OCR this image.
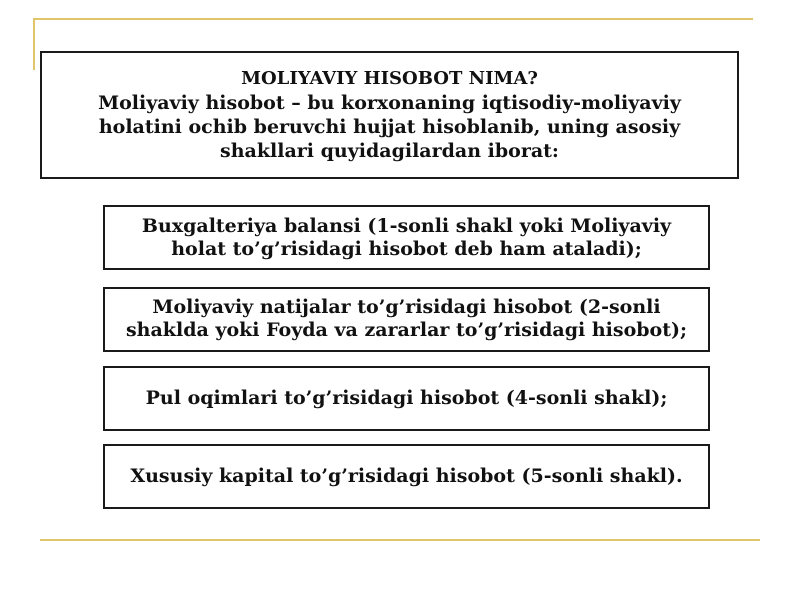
MOLIYAVIY HISOBOT NIMA?
Moliyaviy hisobot – bu korxonaning iqtisodiy-moliyaviy holatini ochib beruvchi hujjat hisoblanib, uning asosiy shakllari quyidagilardan iborat:
Buxgalteriya balansi (1-sonli shakl yoki Moliyaviy holat to’g’risidagi hisobot deb ham ataladi);
Moliyaviy natijalar to’g’risidagi hisobot (2-sonli shaklda yoki Foyda va zararlar to’g’risidagi hisobot);
Pul oqimlari to’g’risidagi hisobot (4-sonli shakl);
Xususiy kapital to’g’risidagi hisobot (5-sonli shakl).
